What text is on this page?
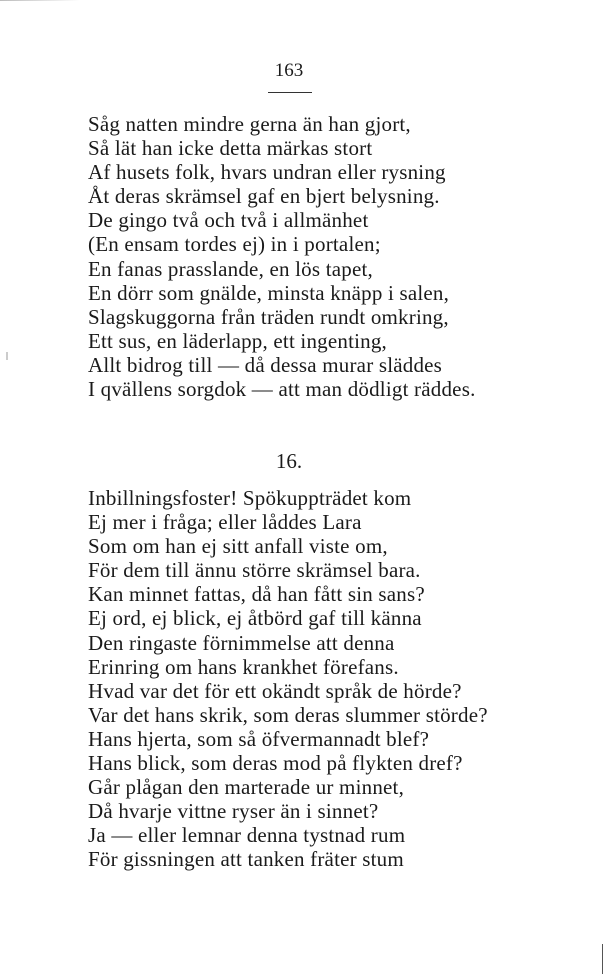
163
Såg natten mindre gerna än han gjort,
Så lät han icke detta märkas stort
Af husets folk, hvars undran eller rysning
Åt deras skrämsel gaf en bjert belysning.
De gingo två och två i allmänhet
(En ensam tordes ej) in i portalen;
En fanas prasslande, en lös tapet,
En dörr som gnälde, minsta knäpp i salen,
Slagskuggorna från träden rundt omkring,
Ett sus, en läderlapp, ett ingenting,
Allt bidrog till — då dessa murar släddes
I qvällens sorgdok — att man dödligt räddes.
16.
Inbillningsfoster! Spökuppträdet kom
Ej mer i fråga; eller låddes Lara
Som om han ej sitt anfall viste om,
För dem till ännu större skrämsel bara.
Kan minnet fattas, då han fått sin sans?
Ej ord, ej blick, ej åtbörd gaf till känna
Den ringaste förnimmelse att denna
Erinring om hans krankhet förefans.
Hvad var det för ett okändt språk de hörde?
Var det hans skrik, som deras slummer störde?
Hans hjerta, som så öfvermannadt blef?
Hans blick, som deras mod på flykten dref?
Går plågan den marterade ur minnet,
Då hvarje vittne ryser än i sinnet?
Ja — eller lemnar denna tystnad rum
För gissningen att tanken fräter stum
